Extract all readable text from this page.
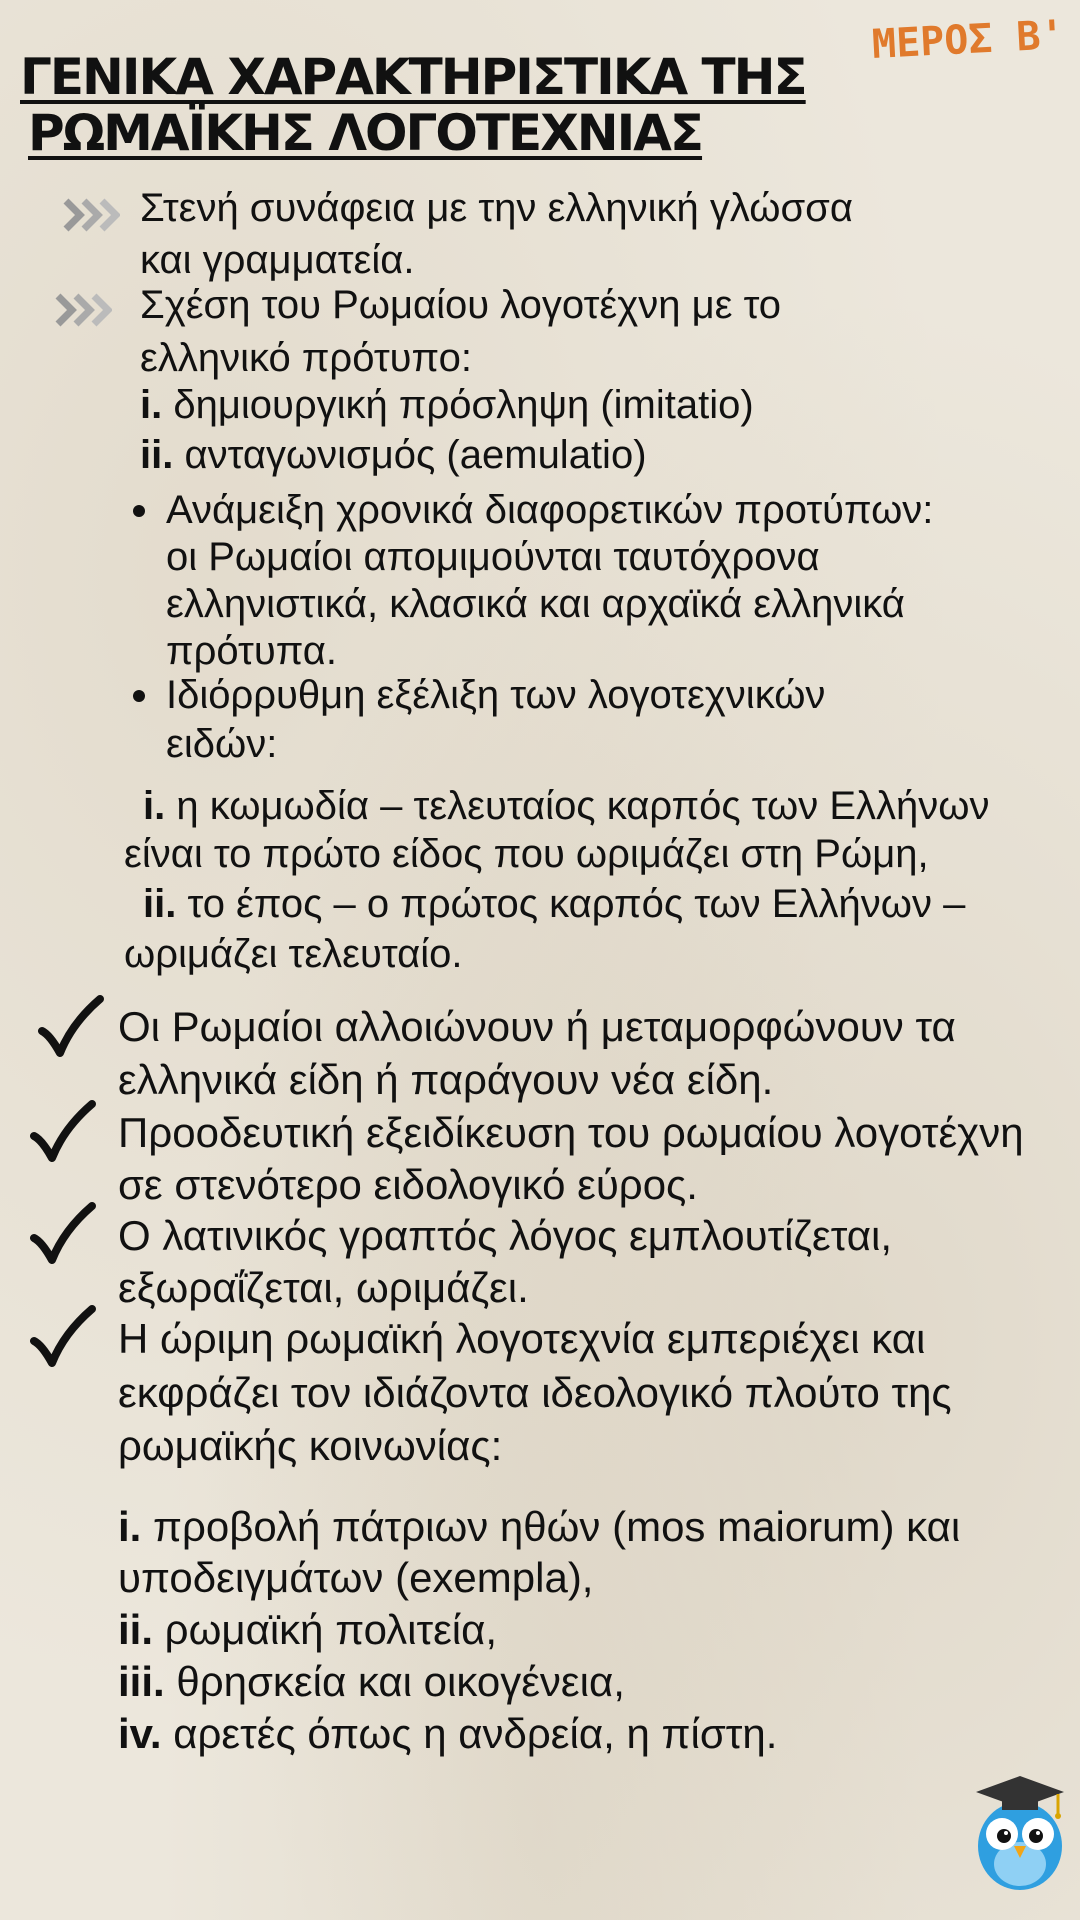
ΓΕΝΙΚΑ ΧΑΡΑΚΤΗΡΙΣΤΙΚΑ ΤΗΣ
ΡΩΜΑΪΚΗΣ ΛΟΓΟΤΕΧΝΙΑΣ
ΜΕΡΟΣ Β'
Στενή συνάφεια με την ελληνική γλώσσα
και γραμματεία.
Σχέση του Ρωμαίου λογοτέχνη με το
ελληνικό πρότυπο:
i. δημιουργική πρόσληψη (imitatio)
ii. ανταγωνισμός (aemulatio)
Ανάμειξη χρονικά διαφορετικών προτύπων:
οι Ρωμαίοι απομιμούνται ταυτόχρονα
ελληνιστικά, κλασικά και αρχαϊκά ελληνικά
πρότυπα.
Ιδιόρρυθμη εξέλιξη των λογοτεχνικών
ειδών:
i. η κωμωδία – τελευταίος καρπός των Ελλήνων
είναι το πρώτο είδος που ωριμάζει στη Ρώμη,
ii. το έπος – ο πρώτος καρπός των Ελλήνων –
ωριμάζει τελευταίο.
Οι Ρωμαίοι αλλοιώνουν ή μεταμορφώνουν τα
ελληνικά είδη ή παράγουν νέα είδη.
Προοδευτική εξειδίκευση του ρωμαίου λογοτέχνη
σε στενότερο ειδολογικό εύρος.
Ο λατινικός γραπτός λόγος εμπλουτίζεται,
εξωραΐζεται, ωριμάζει.
Η ώριμη ρωμαϊκή λογοτεχνία εμπεριέχει και
εκφράζει τον ιδιάζοντα ιδεολογικό πλούτο της
ρωμαϊκής κοινωνίας:
i. προβολή πάτριων ηθών (mos maiorum) και
υποδειγμάτων (exempla),
ii. ρωμαϊκή πολιτεία,
iii. θρησκεία και οικογένεια,
iv. αρετές όπως η ανδρεία, η πίστη.
